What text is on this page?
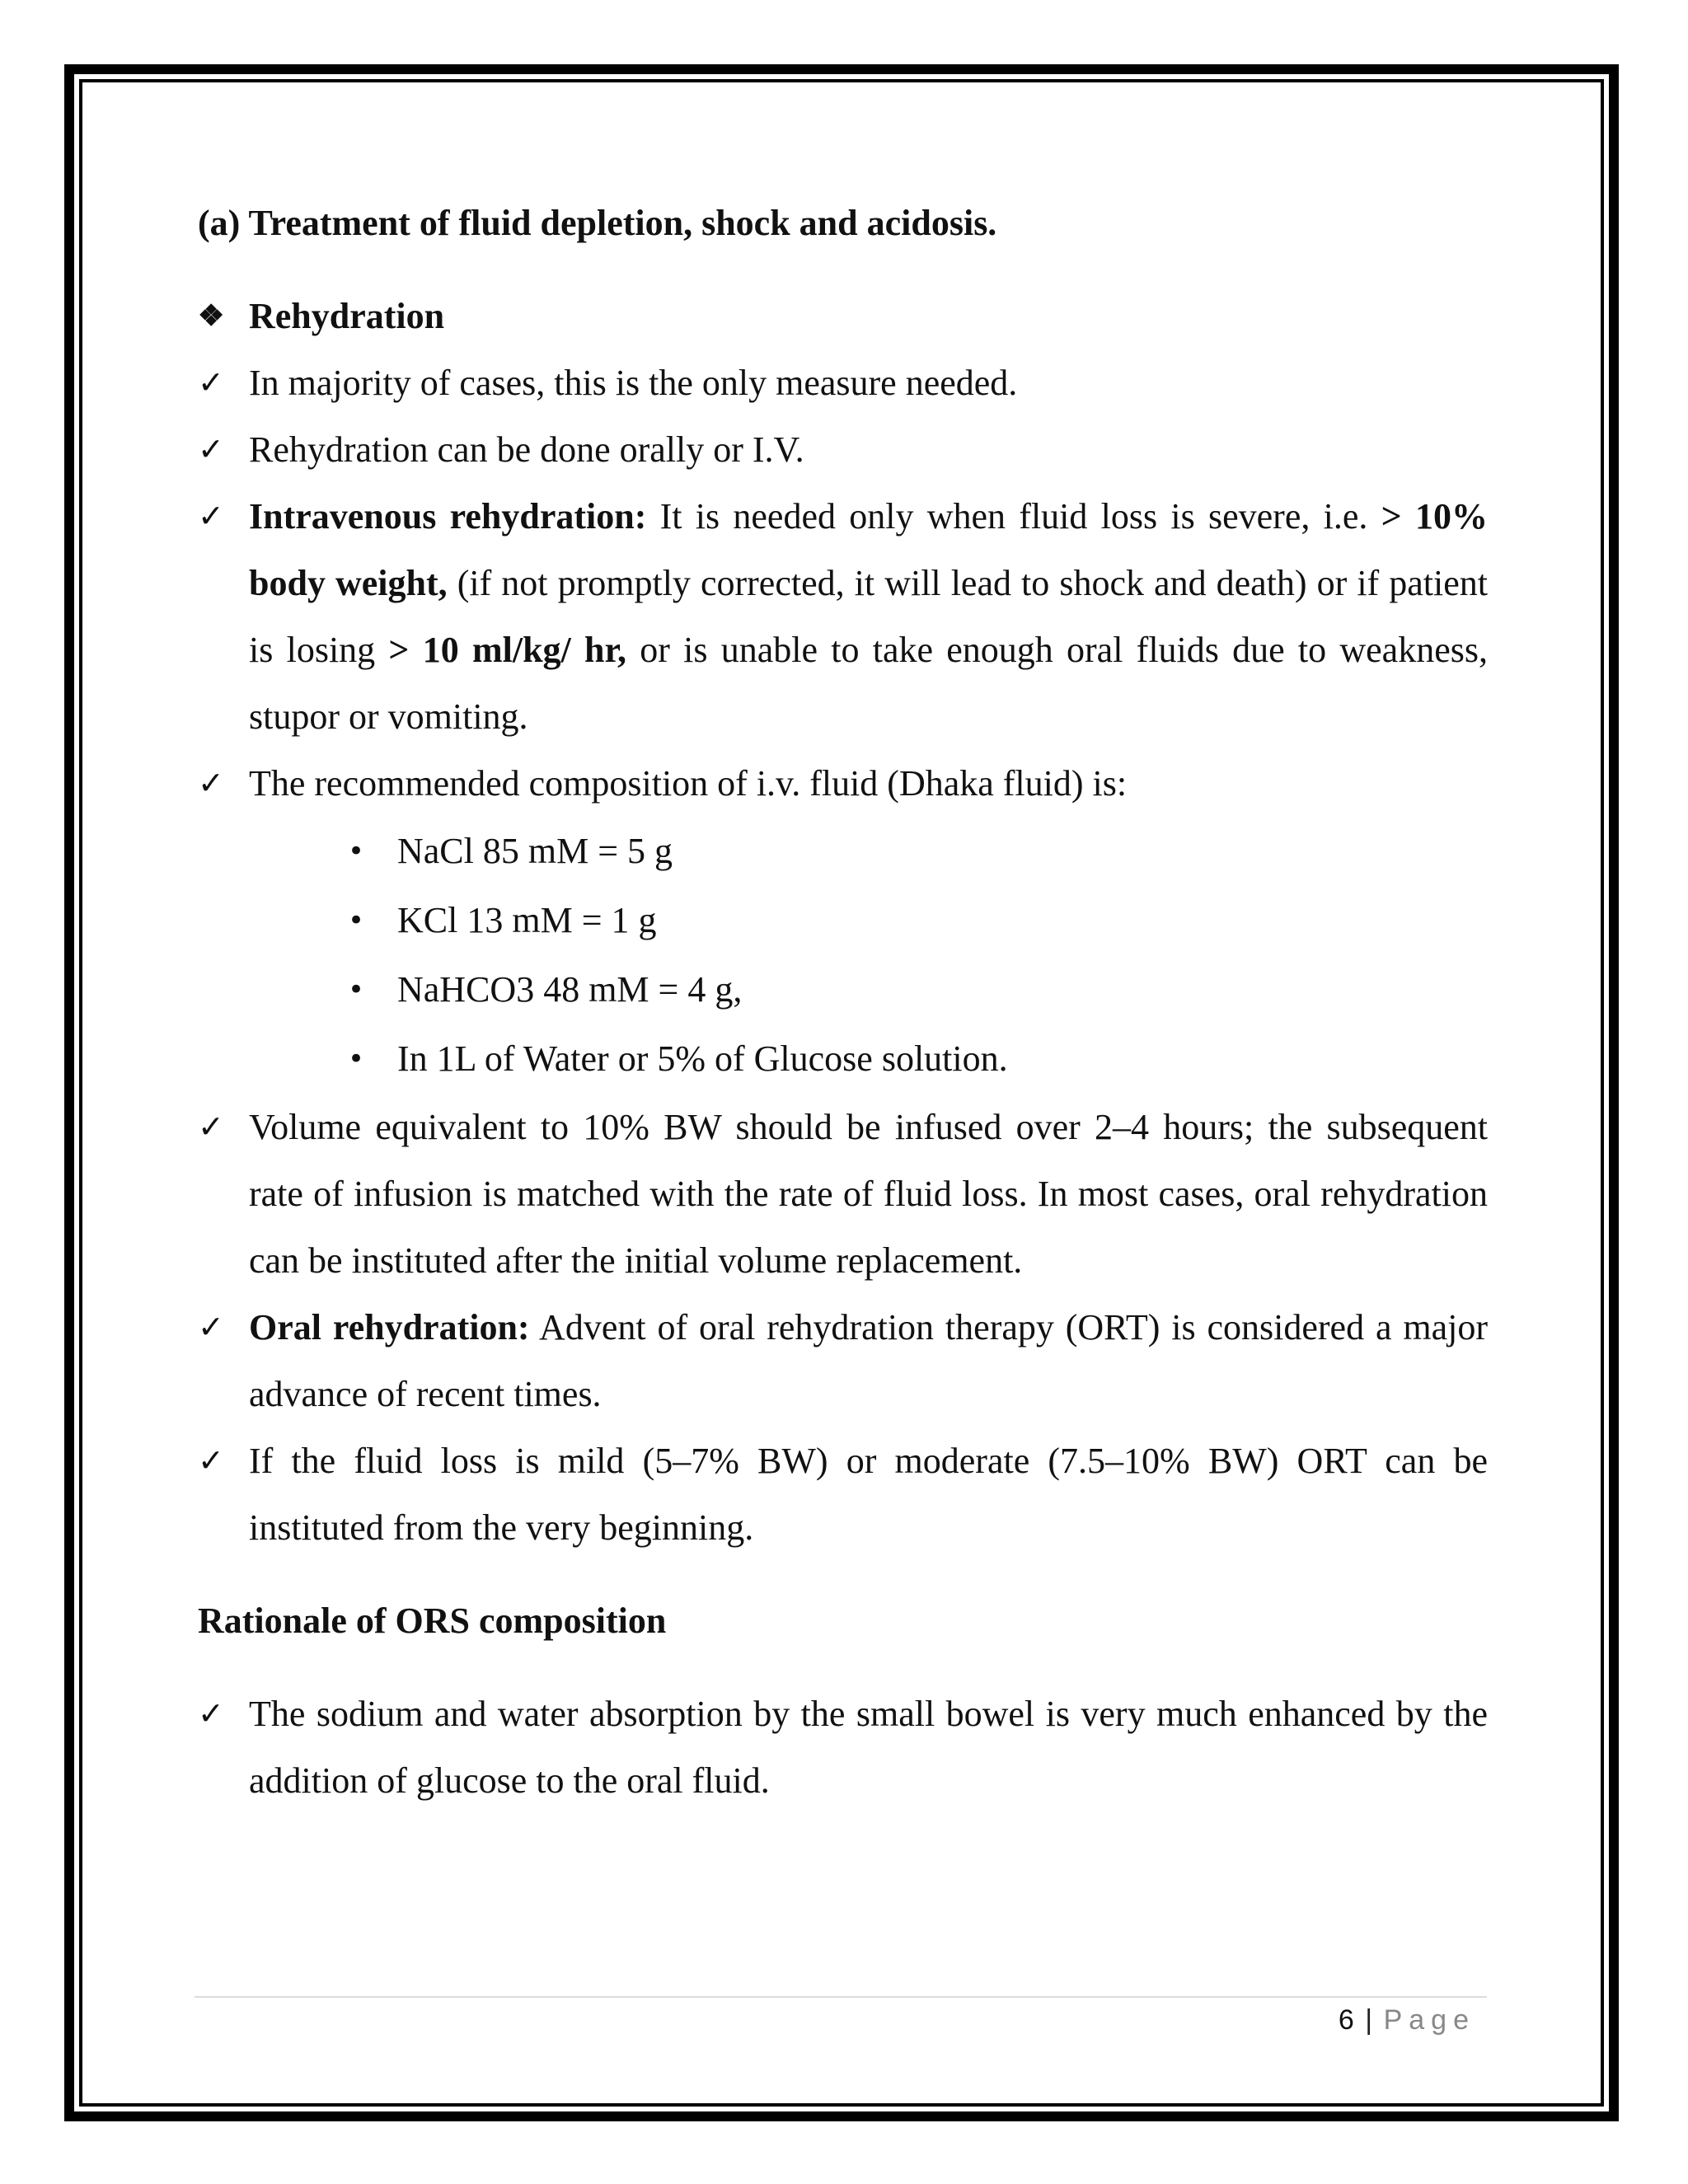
(a) Treatment of fluid depletion, shock and acidosis.

❖ Rehydration

✓ In majority of cases, this is the only measure needed.
✓ Rehydration can be done orally or I.V.
✓ Intravenous rehydration: It is needed only when fluid loss is severe, i.e. > 10% body weight, (if not promptly corrected, it will lead to shock and death) or if patient is losing > 10 ml/kg/ hr, or is unable to take enough oral fluids due to weakness, stupor or vomiting.
✓ The recommended composition of i.v. fluid (Dhaka fluid) is:
• NaCl 85 mM = 5 g
• KCl 13 mM = 1 g
• NaHCO3 48 mM = 4 g,
• In 1L of Water or 5% of Glucose solution.
✓ Volume equivalent to 10% BW should be infused over 2–4 hours; the subsequent rate of infusion is matched with the rate of fluid loss. In most cases, oral rehydration can be instituted after the initial volume replacement.
✓ Oral rehydration: Advent of oral rehydration therapy (ORT) is considered a major advance of recent times.
✓ If the fluid loss is mild (5–7% BW) or moderate (7.5–10% BW) ORT can be instituted from the very beginning.

Rationale of ORS composition

✓ The sodium and water absorption by the small bowel is very much enhanced by the addition of glucose to the oral fluid.
6 | Page
